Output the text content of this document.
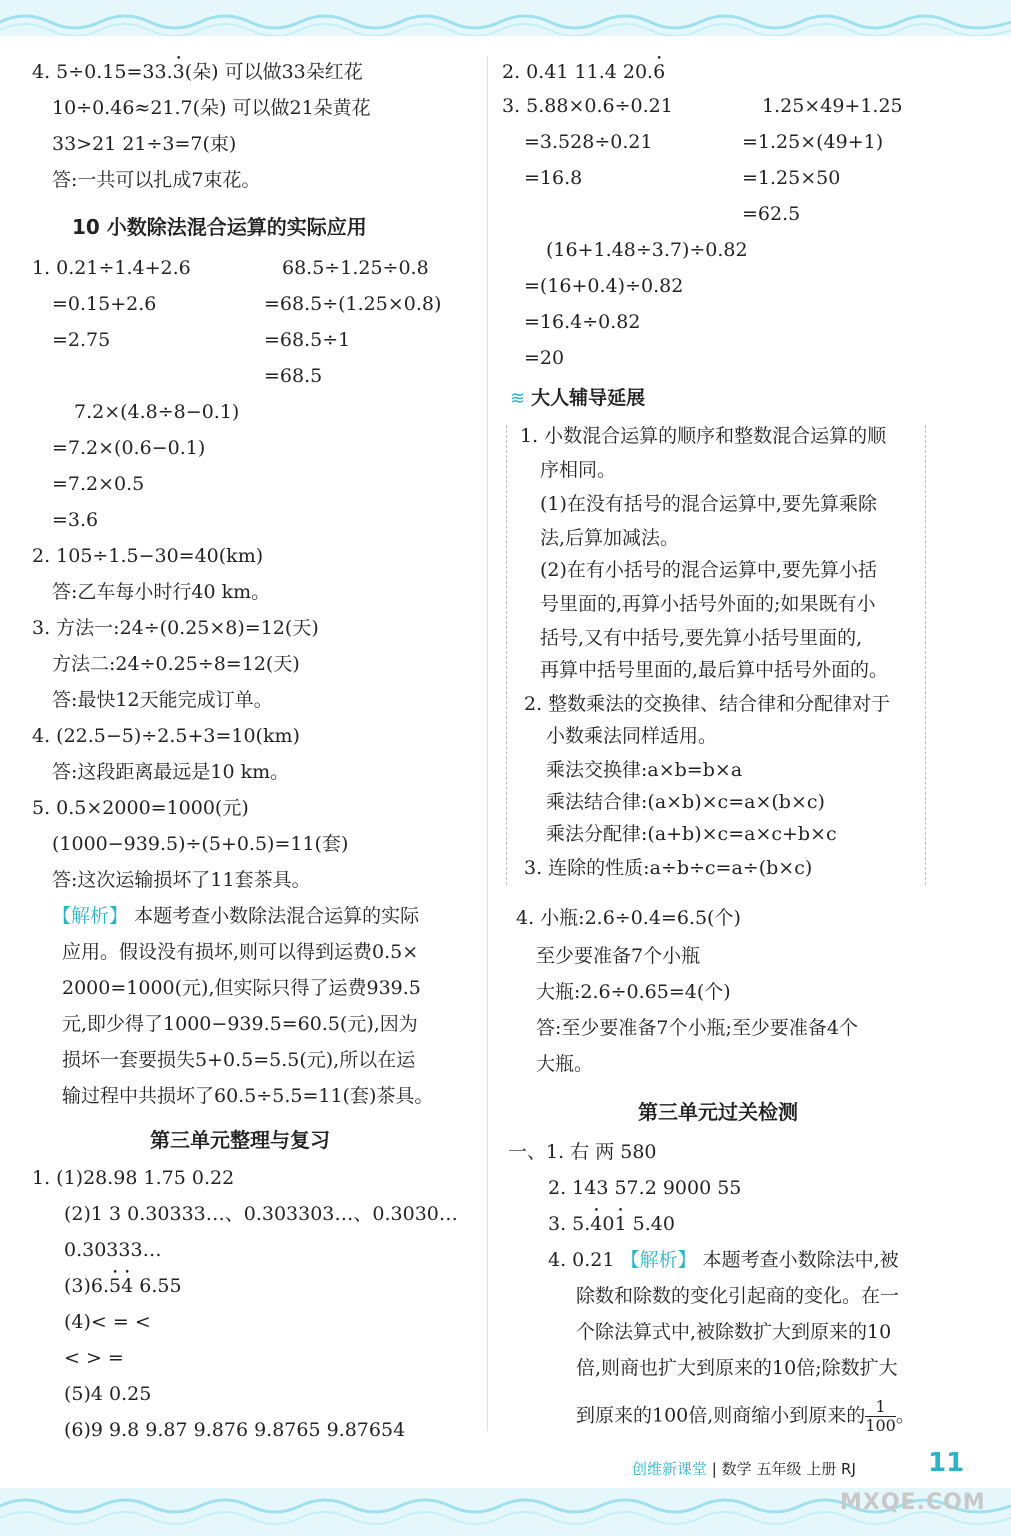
4. 5÷0.15=33.3 •(朵) 可以做33朵红花
10÷0.46≈21.7(朵) 可以做21朵黄花
33>21 21÷3=7(束)
答:一共可以扎成7束花。
10 小数除法混合运算的实际应用
1. 0.21÷1.4+2.6
=0.15+2.6
=2.75
68.5÷1.25÷0.8
=68.5÷(1.25×0.8)
=68.5÷1
=68.5
7.2×(4.8÷8−0.1)
=7.2×(0.6−0.1)
=7.2×0.5
=3.6
2. 105÷1.5−30=40(km)
答:乙车每小时行40 km。
3. 方法一:24÷(0.25×8)=12(天)
方法二:24÷0.25÷8=12(天)
答:最快12天能完成订单。
4. (22.5−5)÷2.5+3=10(km)
答:这段距离最远是10 km。
5. 0.5×2000=1000(元)
(1000−939.5)÷(5+0.5)=11(套)
答:这次运输损坏了11套茶具。
【解析】 本题考查小数除法混合运算的实际
应用。假设没有损坏,则可以得到运费0.5×
2000=1000(元),但实际只得了运费939.5
元,即少得了1000−939.5=60.5(元),因为
损坏一套要损失5+0.5=5.5(元),所以在运
输过程中共损坏了60.5÷5.5=11(套)茶具。
第三单元整理与复习
1. (1)28.98 1.75 0.22
(2)1 3 0.30333…、0.303303…、0.3030…
0.30333…
(3)6.5 •4 • 6.55
(4)< = <
< > =
(5)4 0.25
(6)9 9.8 9.87 9.876 9.8765 9.87654
2. 0.41 11.4 20.6 •
3. 5.88×0.6÷0.21
=3.528÷0.21
=16.8
1.25×49+1.25
=1.25×(49+1)
=1.25×50
=62.5
(16+1.48÷3.7)÷0.82
=(16+0.4)÷0.82
=16.4÷0.82
=20
≋ 大人辅导延展
1. 小数混合运算的顺序和整数混合运算的顺
序相同。
(1)在没有括号的混合运算中,要先算乘除
法,后算加减法。
(2)在有小括号的混合运算中,要先算小括
号里面的,再算小括号外面的;如果既有小
括号,又有中括号,要先算小括号里面的,
再算中括号里面的,最后算中括号外面的。
2. 整数乘法的交换律、结合律和分配律对于
小数乘法同样适用。
乘法交换律:a×b=b×a
乘法结合律:(a×b)×c=a×(b×c)
乘法分配律:(a+b)×c=a×c+b×c
3. 连除的性质:a÷b÷c=a÷(b×c)
4. 小瓶:2.6÷0.4=6.5(个)
至少要准备7个小瓶
大瓶:2.6÷0.65=4(个)
答:至少要准备7个小瓶;至少要准备4个
大瓶。
第三单元过关检测
一、1. 右 两 580
2. 143 57.2 9000 55
3. 5.4 •01 • 5.40
4. 0.21 【解析】 本题考查小数除法中,被
除数和除数的变化引起商的变化。在一
个除法算式中,被除数扩大到原来的10
倍,则商也扩大到原来的10倍;除数扩大
到原来的100倍,则商缩小到原来的 $\frac{1}{100}$ 。
创维新课堂 | 数学 五年级 上册 RJ	11
MXQE.COM
